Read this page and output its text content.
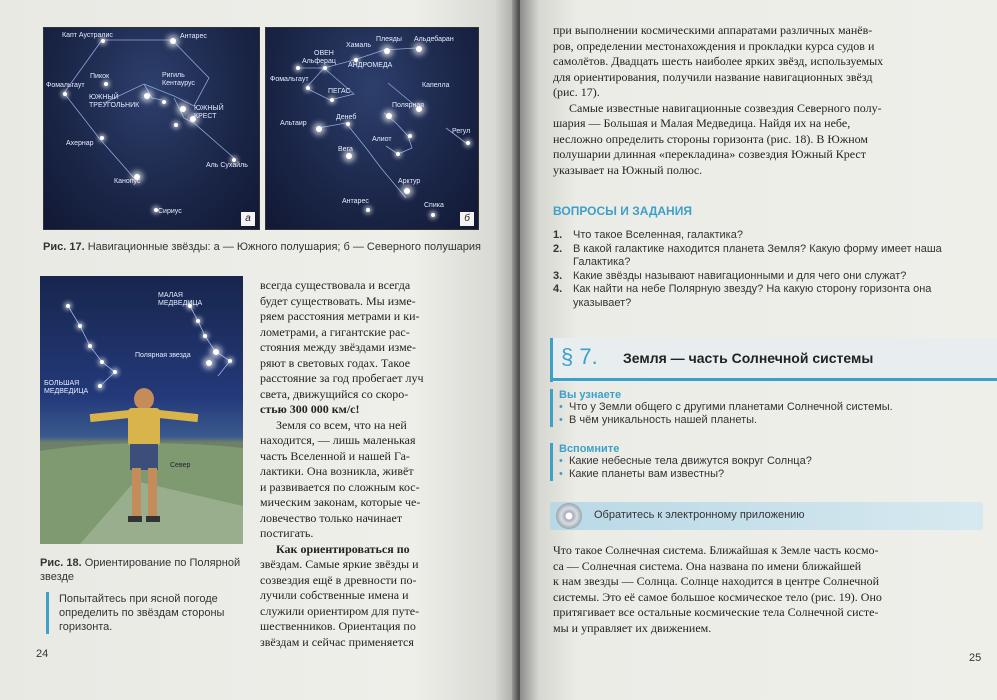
Капт Аустралис	Антарес
Фомальгаут
Пикок	Ригиль Кентаурус
ЮЖНЫЙ ТРЕУГОЛЬНИК	ЮЖНЫЙ КРЕСТ
Ахернар
Аль Сухайль
Канопус
Сириус
а
Хамаль
Плеяды Альдебаран
ОВЕН
Альферац
АНДРОМЕДА
Фомальгаут
ПЕГАС
Капелла
Полярная
Альтаир
Денеб
Вега
Алиот
Регул
Арктур
Антарес
Спика
б
Рис. 17. Навигационные звёзды: а — Южного полушария; б — Северного полушария
МАЛАЯ МЕДВЕДИЦА
Полярная звезда
БОЛЬШАЯ МЕДВЕДИЦА
Север
Рис. 18. Ориентирование по Полярной звезде
Попытайтесь при ясной погоде определить по звёздам стороны горизонта.
всегда существовала и всегда
будет существовать. Мы изме-
ряем расстояния метрами и ки-
лометрами, а гигантские рас-
стояния между звёздами изме-
ряют в световых годах. Такое
расстояние за год пробегает луч
света, движущийся со скоро-
стью 300 000 км/с!
Земля со всем, что на ней
находится, — лишь маленькая
часть Вселенной и нашей Га-
лактики. Она возникла, живёт
и развивается по сложным кос-
мическим законам, которые че-
ловечество только начинает
постигать.
Как ориентироваться по
звёздам. Самые яркие звёзды и
созвездия ещё в древности по-
лучили собственные имена и
служили ориентиром для путе-
шественников. Ориентация по
звёздам и сейчас применяется
24
при выполнении космическими аппаратами различных манёв-
ров, определении местонахождения и прокладки курса судов и
самолётов. Двадцать шесть наиболее ярких звёзд, используемых
для ориентирования, получили название навигационных звёзд
(рис. 17).
Самые известные навигационные созвездия Северного полу-
шария — Большая и Малая Медведица. Найдя их на небе,
несложно определить стороны горизонта (рис. 18). В Южном
полушарии длинная «перекладина» созвездия Южный Крест
указывает на Южный полюс.
ВОПРОСЫ И ЗАДАНИЯ
1. Что такое Вселенная, галактика?
2. В какой галактике находится планета Земля? Какую форму имеет наша Галактика?
3. Какие звёзды называют навигационными и для чего они служат?
4. Как найти на небе Полярную звезду? На какую сторону горизонта она указывает?
§ 7. Земля — часть Солнечной системы
Вы узнаете
• Что у Земли общего с другими планетами Солнечной системы.
• В чём уникальность нашей планеты.
Вспомните
• Какие небесные тела движутся вокруг Солнца?
• Какие планеты вам известны?
Обратитесь к электронному приложению
Что такое Солнечная система. Ближайшая к Земле часть космо-
са — Солнечная система. Она названа по имени ближайшей
к нам звезды — Солнца. Солнце находится в центре Солнечной
системы. Это её самое большое космическое тело (рис. 19). Оно
притягивает все остальные космические тела Солнечной систе-
мы и управляет их движением.
25
